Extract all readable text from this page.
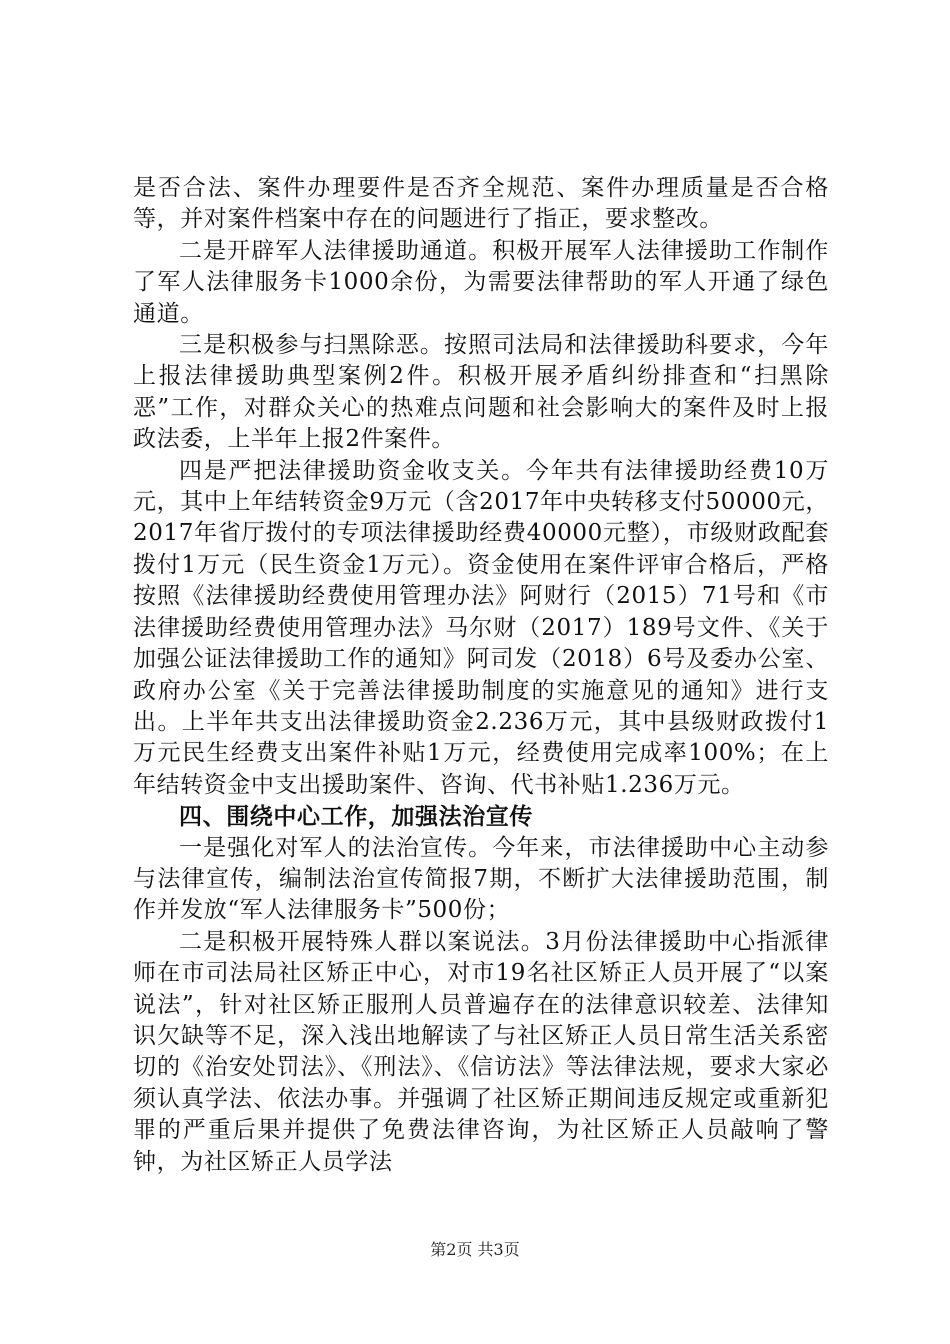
是否合法、案件办理要件是否齐全规范、案件办理质量是否合格等，并对案件档案中存在的问题进行了指正，要求整改。

二是开辟军人法律援助通道。积极开展军人法律援助工作制作了军人法律服务卡1000余份，为需要法律帮助的军人开通了绿色通道。

三是积极参与扫黑除恶。按照司法局和法律援助科要求，今年上报法律援助典型案例2件。积极开展矛盾纠纷排查和“扫黑除恶”工作，对群众关心的热难点问题和社会影响大的案件及时上报政法委，上半年上报2件案件。

四是严把法律援助资金收支关。今年共有法律援助经费10万元，其中上年结转资金9万元（含2017年中央转移支付50000元，2017年省厅拨付的专项法律援助经费40000元整），市级财政配套拨付1万元（民生资金1万元）。资金使用在案件评审合格后，严格按照《法律援助经费使用管理办法》阿财行（2015）71号和《市法律援助经费使用管理办法》马尔财（2017）189号文件、《关于加强公证法律援助工作的通知》阿司发（2018）6号及委办公室、政府办公室《关于完善法律援助制度的实施意见的通知》进行支出。上半年共支出法律援助资金2.236万元，其中县级财政拨付1万元民生经费支出案件补贴1万元，经费使用完成率100%；在上年结转资金中支出援助案件、咨询、代书补贴1.236万元。

四、围绕中心工作，加强法治宣传

一是强化对军人的法治宣传。今年来，市法律援助中心主动参与法律宣传，编制法治宣传简报7期，不断扩大法律援助范围，制作并发放“军人法律服务卡”500份；

二是积极开展特殊人群以案说法。3月份法律援助中心指派律师在市司法局社区矫正中心，对市19名社区矫正人员开展了“以案说法”，针对社区矫正服刑人员普遍存在的法律意识较差、法律知识欠缺等不足，深入浅出地解读了与社区矫正人员日常生活关系密切的《治安处罚法》、《刑法》、《信访法》等法律法规，要求大家必须认真学法、依法办事。并强调了社区矫正期间违反规定或重新犯罪的严重后果并提供了免费法律咨询，为社区矫正人员敲响了警钟，为社区矫正人员学法

第2页 共3页
